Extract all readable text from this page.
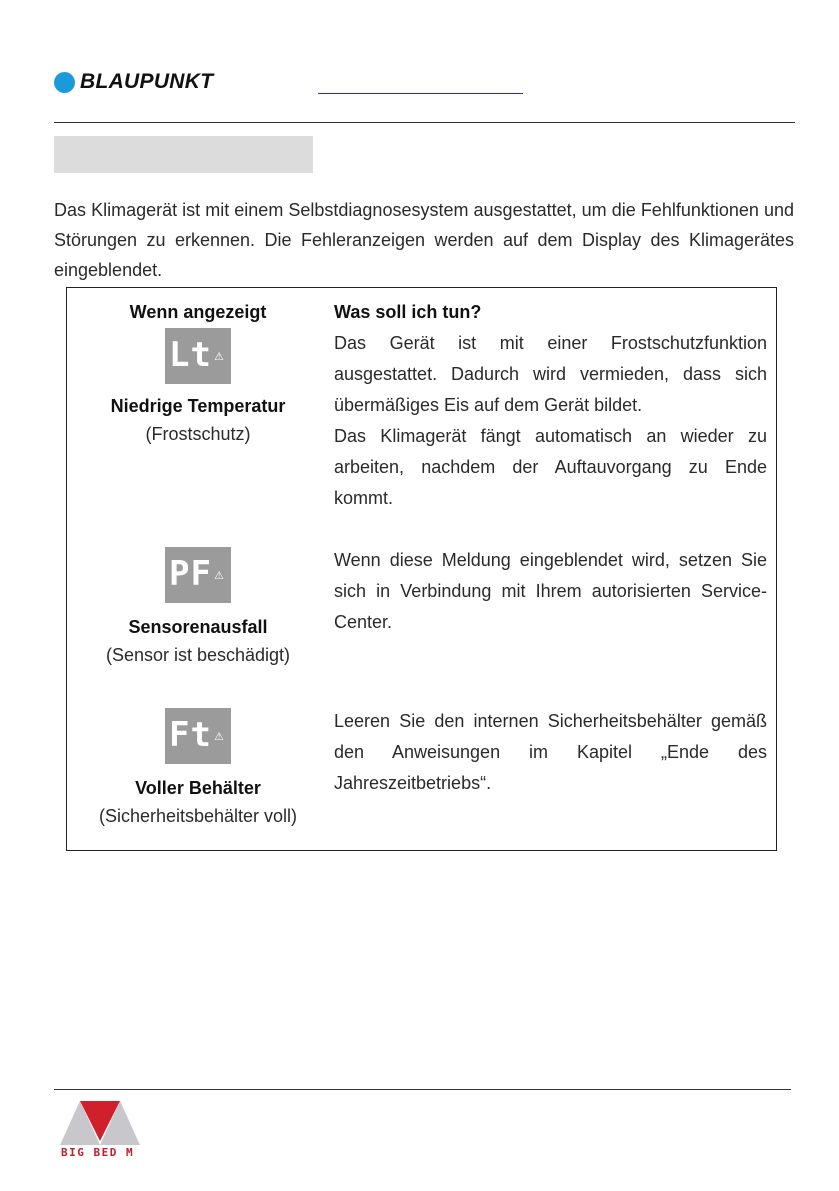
BLAUPUNKT

Das Klimagerät ist mit einem Selbstdiagnosesystem ausgestattet, um die Fehlfunktionen und Störungen zu erkennen. Die Fehleranzeigen werden auf dem Display des Klimagerätes eingeblendet.

Wenn angezeigt	Was soll ich tun?
Lt ⚠
Niedrige Temperatur
(Frostschutz)

Das Gerät ist mit einer Frostschutzfunktion ausgestattet. Dadurch wird vermieden, dass sich übermäßiges Eis auf dem Gerät bildet.

Das Klimagerät fängt automatisch an wieder zu arbeiten, nachdem der Auftauvorgang zu Ende kommt.

PF ⚠
Sensorenausfall
(Sensor ist beschädigt)

Wenn diese Meldung eingeblendet wird, setzen Sie sich in Verbindung mit Ihrem autorisierten Service-Center.

Ft ⚠
Voller Behälter
(Sicherheitsbehälter voll)

Leeren Sie den internen Sicherheitsbehälter gemäß den Anweisungen im Kapitel „Ende des Jahreszeitbetriebs“.

BIG BED M
